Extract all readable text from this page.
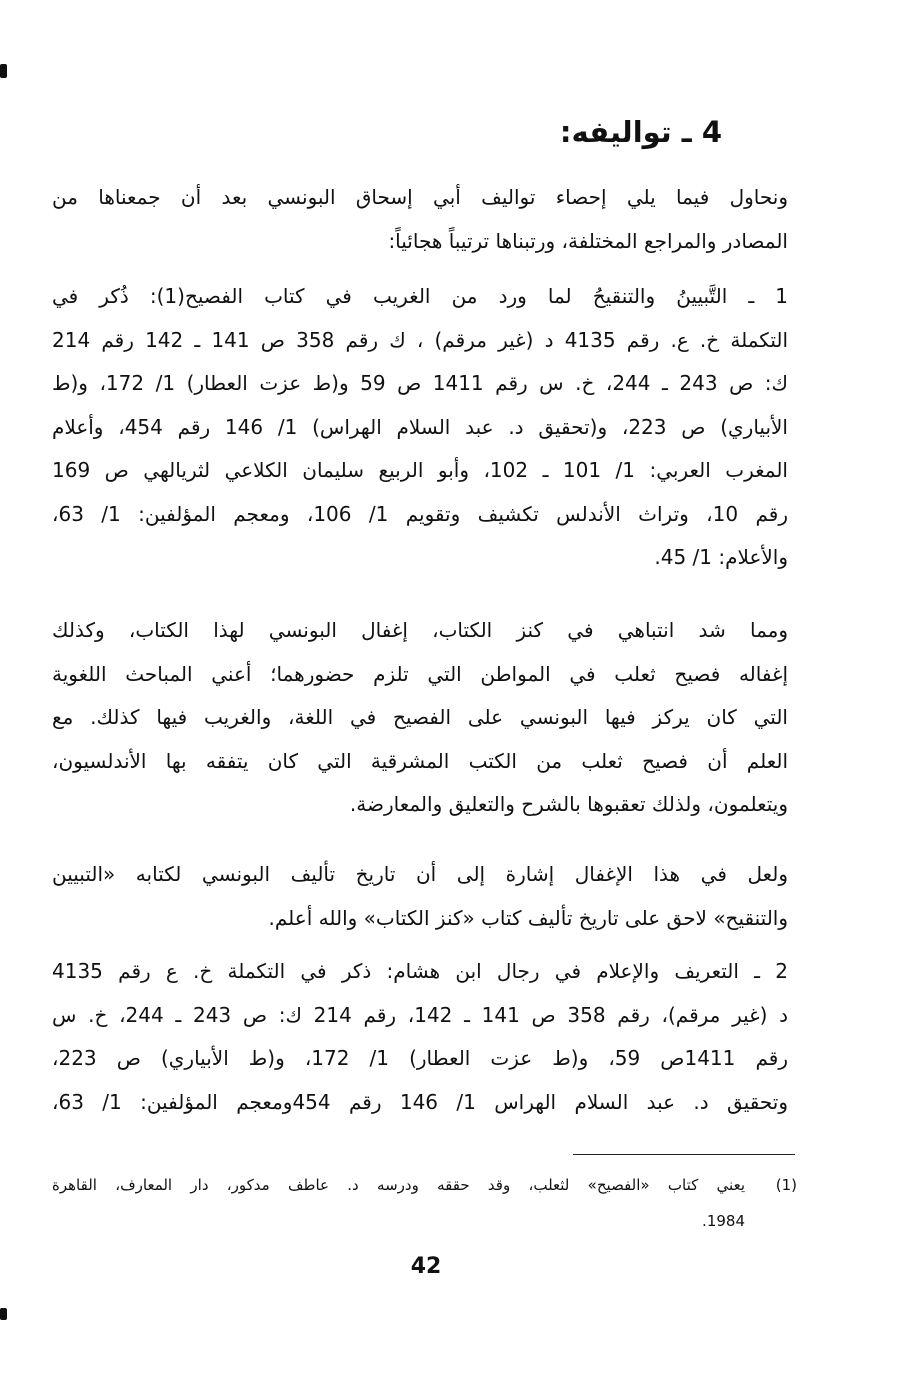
4 ـ تواليفه:
ونحاول فيما يلي إحصاء تواليف أبي إسحاق البونسي بعد أن جمعناها من
المصادر والمراجع المختلفة، ورتبناها ترتيباً هجائياً:
1 ـ التَّبيينُ والتنقيحُ لما ورد من الغريب في كتاب الفصيح(1): ذُكر في
التكملة خ. ع. رقم 4135 د (غير مرقم) ، ك رقم 358 ص 141 ـ 142 رقم 214
ك: ص 243 ـ 244، خ. س رقم 1411 ص 59 و(ط عزت العطار) 1/ 172، و(ط
الأبياري) ص 223، و(تحقيق د. عبد السلام الهراس) 1/ 146 رقم 454، وأعلام
المغرب العربي: 1/ 101 ـ 102، وأبو الربيع سليمان الكلاعي لثريالهي ص 169
رقم 10، وتراث الأندلس تكشيف وتقويم 1/ 106، ومعجم المؤلفين: 1/ 63،
والأعلام: 1/ 45.
ومما شد انتباهي في كنز الكتاب، إغفال البونسي لهذا الكتاب، وكذلك
إغفاله فصيح ثعلب في المواطن التي تلزم حضورهما؛ أعني المباحث اللغوية
التي كان يركز فيها البونسي على الفصيح في اللغة، والغريب فيها كذلك. مع
العلم أن فصيح ثعلب من الكتب المشرقية التي كان يتفقه بها الأندلسيون،
ويتعلمون، ولذلك تعقبوها بالشرح والتعليق والمعارضة.
ولعل في هذا الإغفال إشارة إلى أن تاريخ تأليف البونسي لكتابه «التبيين
والتنقيح» لاحق على تاريخ تأليف كتاب «كنز الكتاب» والله أعلم.
2 ـ التعريف والإعلام في رجال ابن هشام: ذكر في التكملة خ. ع رقم 4135
د (غير مرقم)، رقم 358 ص 141 ـ 142، رقم 214 ك: ص 243 ـ 244، خ. س
رقم 1411ص 59، و(ط عزت العطار) 1/ 172، و(ط الأبياري) ص 223،
وتحقيق د. عبد السلام الهراس 1/ 146 رقم 454ومعجم المؤلفين: 1/ 63،
(1)
يعني كتاب «الفصيح» لثعلب، وقد حققه ودرسه د. عاطف مدكور، دار المعارف، القاهرة
1984.
42
